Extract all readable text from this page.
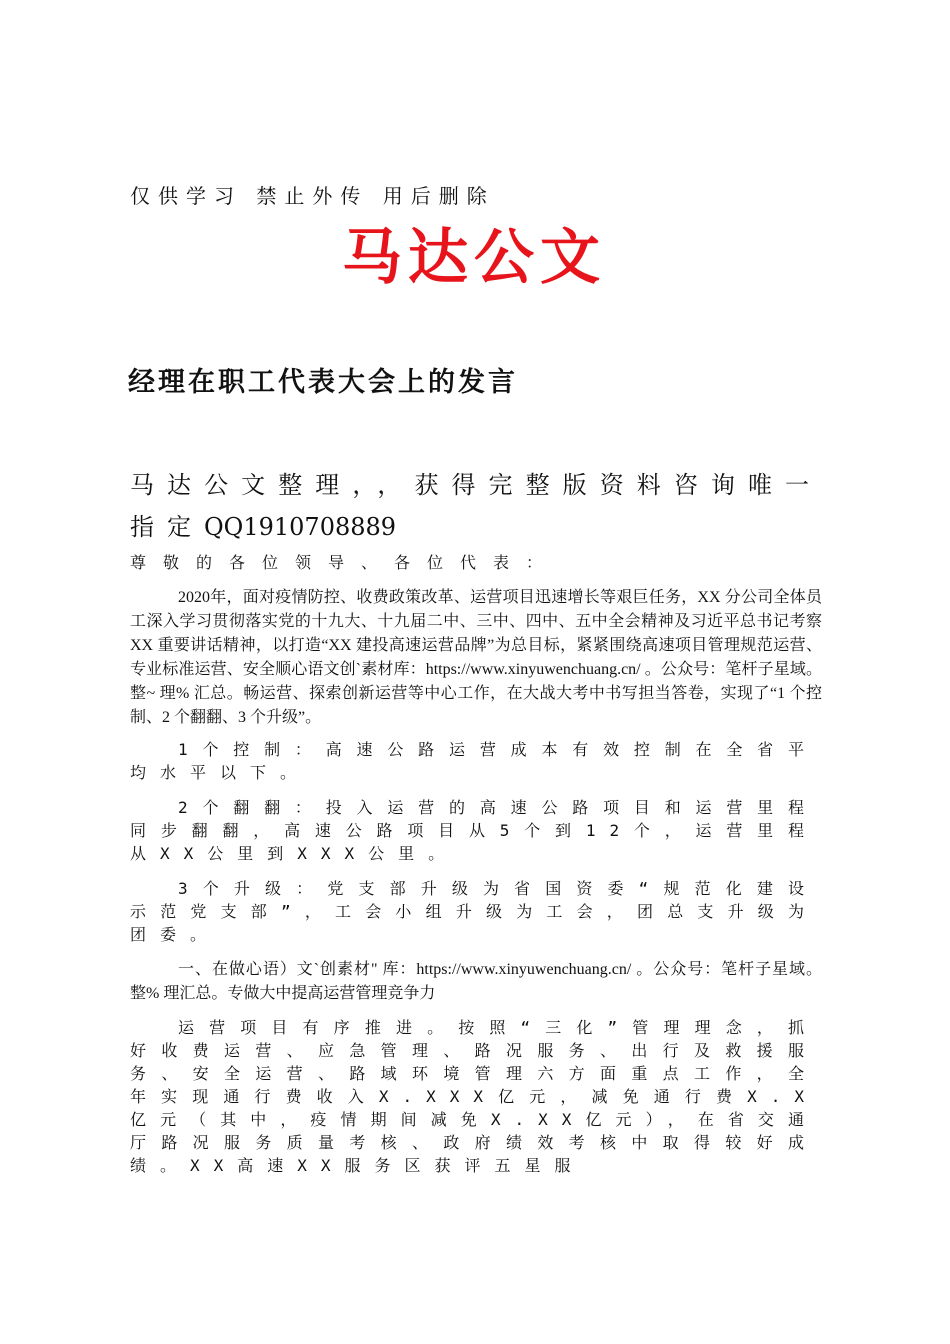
仅供学习 禁止外传 用后删除
马达公文
经理在职工代表大会上的发言
马达公文整理，，获得完整版资料咨询唯一指定QQ1910708889
尊敬的各位领导、各位代表：
2020年，面对疫情防控、收费政策改革、运营项目迅速增长等艰巨任务，XX 分公司全体员工深入学习贯彻落实党的十九大、十九届二中、三中、四中、五中全会精神及习近平总书记考察XX 重要讲话精神，以打造“XX 建投高速运营品牌”为总目标，紧紧围绕高速项目管理规范运营、专业标准运营、安全顺心语文创`素材库：https://www.xinyuwenchuang.cn/ 。公众号：笔杆子星域。整~ 理% 汇总。畅运营、探索创新运营等中心工作，在大战大考中书写担当答卷，实现了“1 个控制、2 个翻翻、3 个升级”。
1个控制：高速公路运营成本有效控制在全省平均水平以下。
2个翻翻：投入运营的高速公路项目和运营里程同步翻翻，高速公路项目从5个到12个，运营里程从XX公里到XXX公里。
3个升级：党支部升级为省国资委“规范化建设示范党支部”，工会小组升级为工会，团总支升级为团委。
一、在做心语）文`创素材" 库：https://www.xinyuwenchuang.cn/ 。公众号：笔杆子星域。整% 理汇总。专做大中提高运营管理竞争力
运营项目有序推进。按照“三化”管理理念，抓好收费运营、应急管理、路况服务、出行及救援服务、安全运营、路域环境管理六方面重点工作，全年实现通行费收入X.XXX亿元，减免通行费X.X亿元（其中，疫情期间减免X.XX亿元），在省交通厅路况服务质量考核、政府绩效考核中取得较好成绩。XX高速XX服务区获评五星服
